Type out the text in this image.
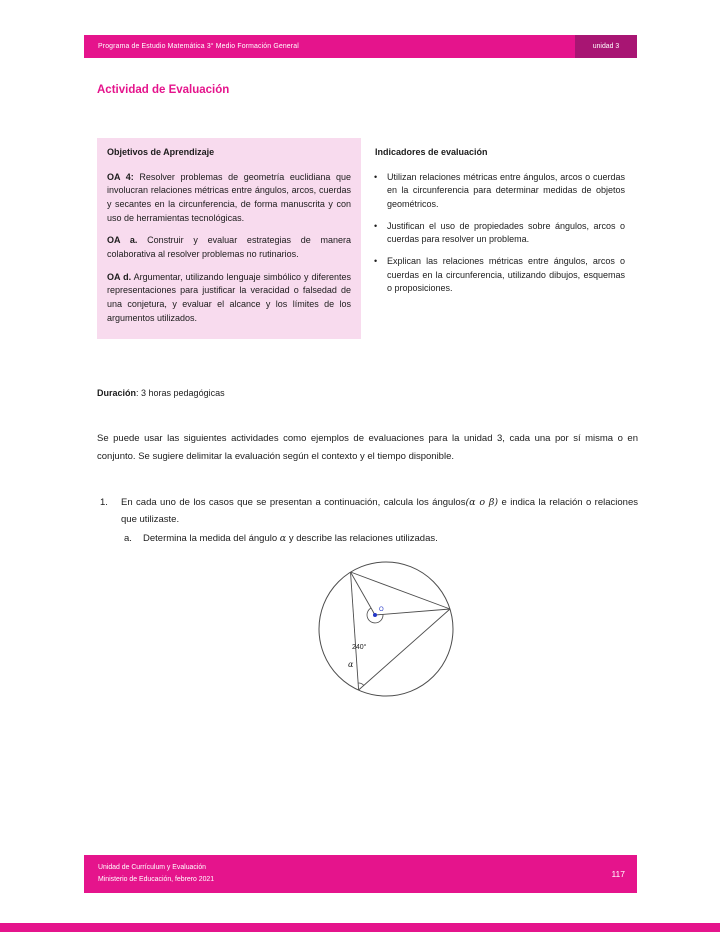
Programa de Estudio Matemática 3° Medio Formación General	unidad 3
Actividad de Evaluación
Objetivos de Aprendizaje

OA 4: Resolver problemas de geometría euclidiana que involucran relaciones métricas entre ángulos, arcos, cuerdas y secantes en la circunferencia, de forma manuscrita y con uso de herramientas tecnológicas.

OA a. Construir y evaluar estrategias de manera colaborativa al resolver problemas no rutinarios.

OA d. Argumentar, utilizando lenguaje simbólico y diferentes representaciones para justificar la veracidad o falsedad de una conjetura, y evaluar el alcance y los límites de los argumentos utilizados.

Indicadores de evaluación
•	Utilizan relaciones métricas entre ángulos, arcos o cuerdas en la circunferencia para determinar medidas de objetos geométricos.
•	Justifican el uso de propiedades sobre ángulos, arcos o cuerdas para resolver un problema.
•	Explican las relaciones métricas entre ángulos, arcos o cuerdas en la circunferencia, utilizando dibujos, esquemas o proposiciones.

Duración: 3 horas pedagógicas

Se puede usar las siguientes actividades como ejemplos de evaluaciones para la unidad 3, cada una por sí misma o en conjunto. Se sugiere delimitar la evaluación según el contexto y el tiempo disponible.

1.	En cada uno de los casos que se presentan a continuación, calcula los ángulos(α o β) e indica la relación o relaciones que utilizaste.
a.	Determina la medida del ángulo α y describe las relaciones utilizadas.
O
240°
α
Unidad de Currículum y Evaluación
Ministerio de Educación, febrero 2021
117
